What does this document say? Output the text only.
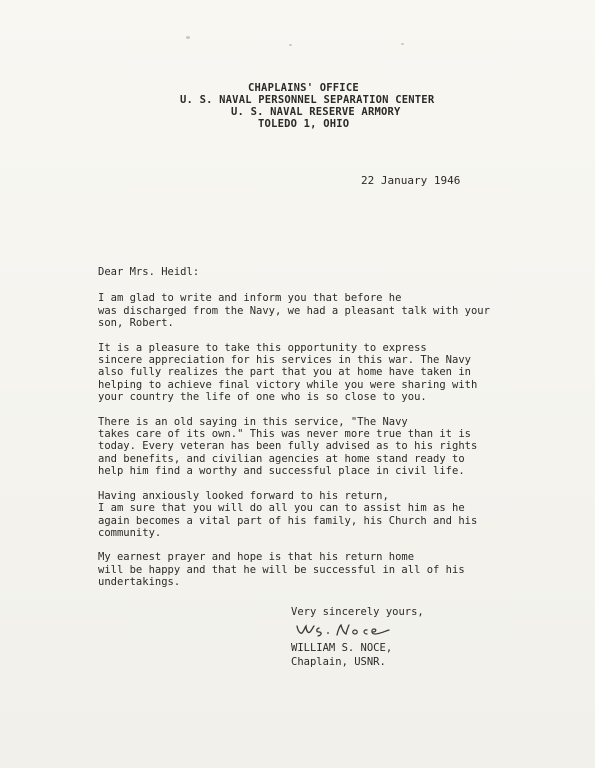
CHAPLAINS' OFFICE
U. S. NAVAL PERSONNEL SEPARATION CENTER
U. S. NAVAL RESERVE ARMORY
TOLEDO 1, OHIO
22 January 1946

Dear Mrs. Heidl:

I am glad to write and inform you that before he
was discharged from the Navy, we had a pleasant talk with your
son, Robert.

It is a pleasure to take this opportunity to express
sincere appreciation for his services in this war. The Navy
also fully realizes the part that you at home have taken in
helping to achieve final victory while you were sharing with
your country the life of one who is so close to you.

There is an old saying in this service, "The Navy
takes care of its own." This was never more true than it is
today. Every veteran has been fully advised as to his rights
and benefits, and civilian agencies at home stand ready to
help him find a worthy and successful place in civil life.

Having anxiously looked forward to his return,
I am sure that you will do all you can to assist him as he
again becomes a vital part of his family, his Church and his
community.

My earnest prayer and hope is that his return home
will be happy and that he will be successful in all of his
undertakings.

Very sincerely yours,
WILLIAM S. NOCE,
Chaplain, USNR.
